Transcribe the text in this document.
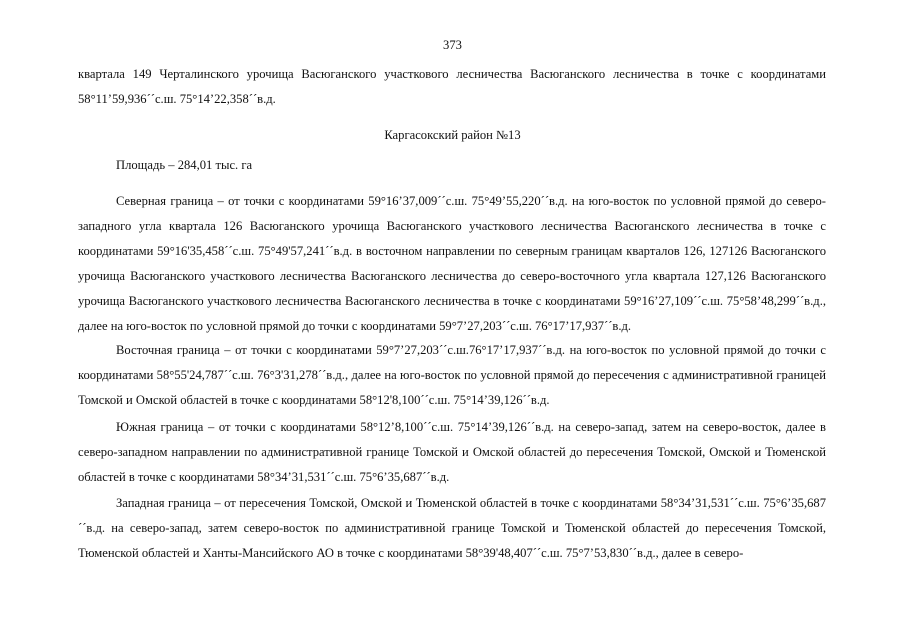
373

квартала 149 Черталинского урочища Васюганского участкового лесничества Васюганского лесничества в точке с координатами 58°11’59,936´´с.ш. 75°14’22,358´´в.д.

Каргасокский район №13

Площадь – 284,01 тыс. га

Северная граница – от точки с координатами 59°16’37,009´´с.ш. 75°49’55,220´´в.д. на юго-восток по условной прямой до северо-западного угла квартала 126 Васюганского урочища Васюганского участкового лесничества Васюганского лесничества в точке с координатами 59°16'35,458´´с.ш. 75°49'57,241´´в.д. в восточном направлении по северным границам кварталов 126, 127126 Васюганского урочища Васюганского участкового лесничества Васюганского лесничества до северо-восточного угла квартала 127,126 Васюганского урочища Васюганского участкового лесничества Васюганского лесничества в точке с координатами 59°16’27,109´´с.ш. 75°58’48,299´´в.д., далее на юго-восток по условной прямой до точки с координатами 59°7’27,203´´с.ш. 76°17’17,937´´в.д.

Восточная граница – от точки с координатами 59°7’27,203´´с.ш.76°17’17,937´´в.д. на юго-восток по условной прямой до точки с координатами 58°55'24,787´´с.ш. 76°3'31,278´´в.д., далее на юго-восток по условной прямой до пересечения с административной границей Томской и Омской областей в точке с координатами 58°12'8,100´´с.ш. 75°14’39,126´´в.д.

Южная граница – от точки с координатами 58°12’8,100´´с.ш. 75°14’39,126´´в.д. на северо-запад, затем на северо-восток, далее в северо-западном направлении по административной границе Томской и Омской областей до пересечения Томской, Омской и Тюменской областей в точке с координатами 58°34’31,531´´с.ш. 75°6’35,687´´в.д.

Западная граница – от пересечения Томской, Омской и Тюменской областей в точке с координатами 58°34’31,531´´с.ш. 75°6’35,687´´в.д. на северо-запад, затем северо-восток по административной границе Томской и Тюменской областей до пересечения Томской, Тюменской областей и Ханты-Мансийского АО в точке с координатами 58°39'48,407´´с.ш. 75°7’53,830´´в.д., далее в северо-
